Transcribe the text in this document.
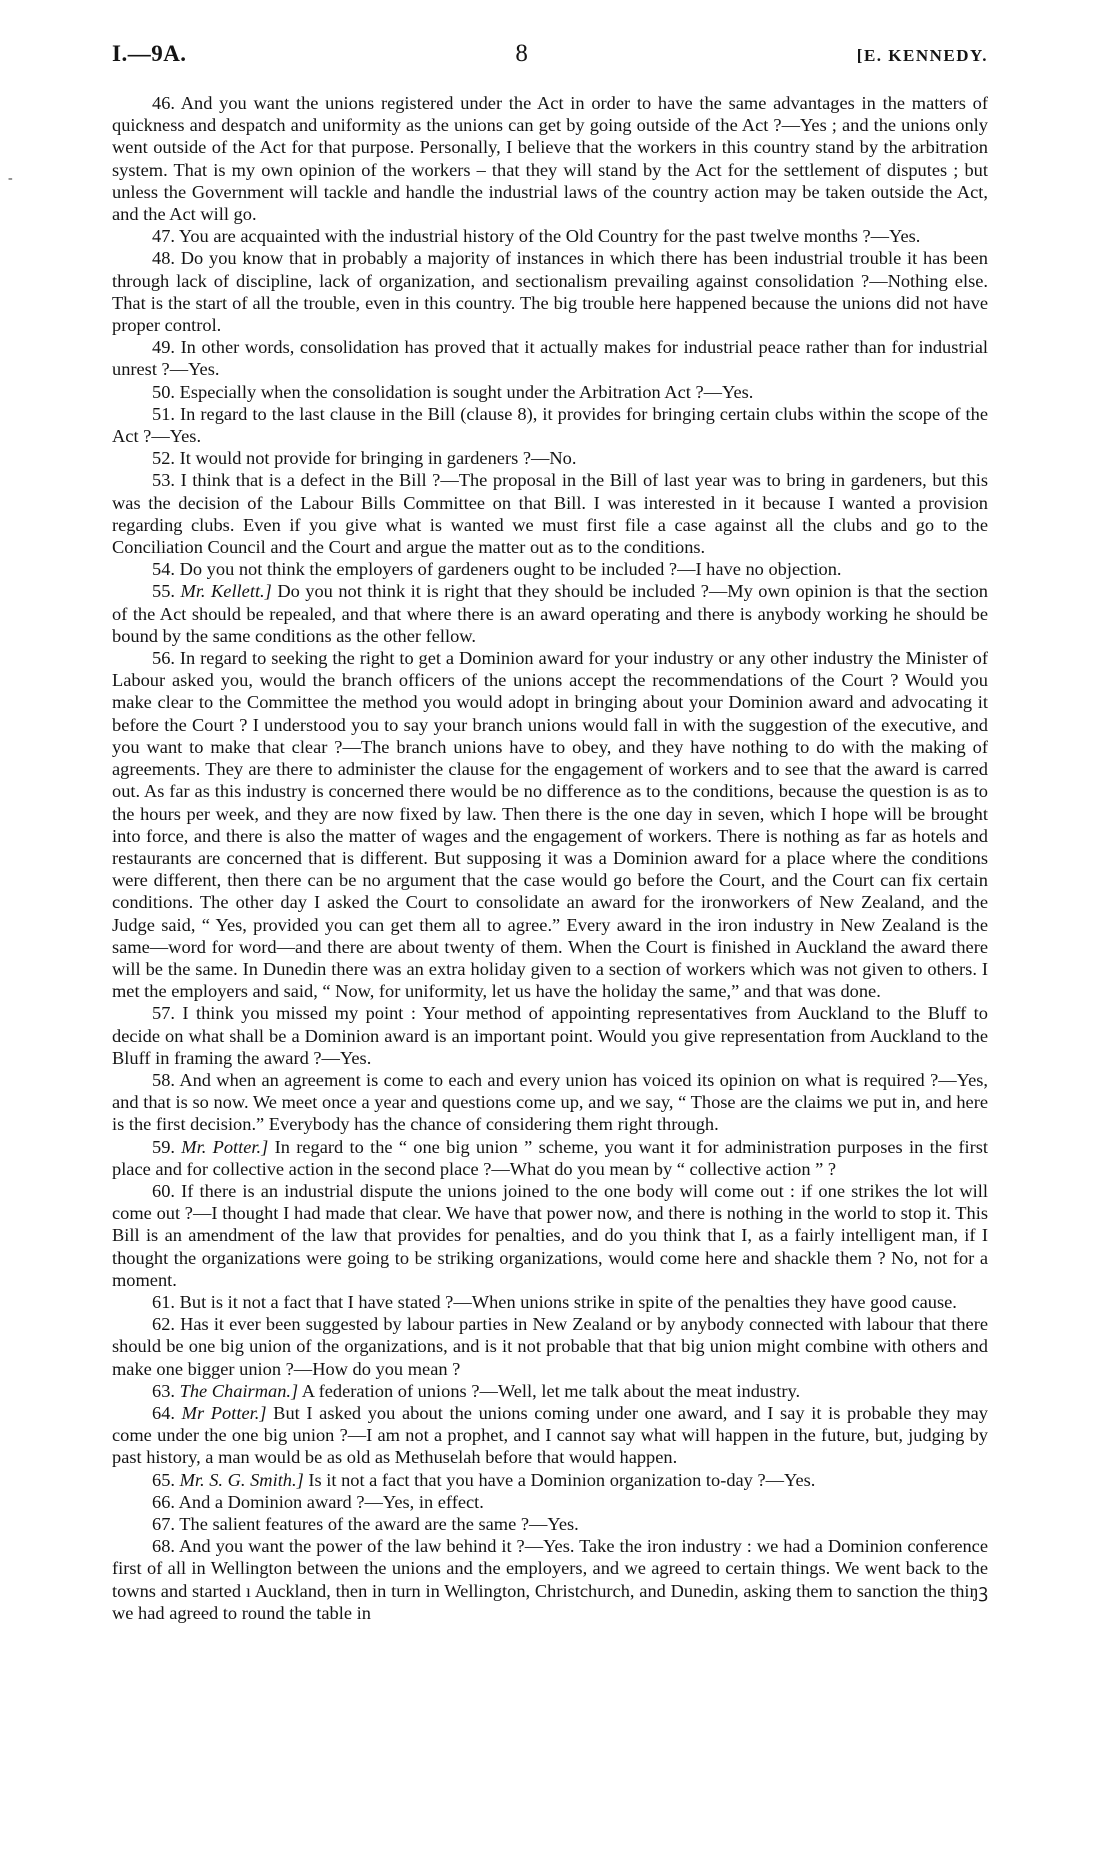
-
I.—9A.	8	[E. KENNEDY.

46. And you want the unions registered under the Act in order to have the same advantages in the matters of quickness and despatch and uniformity as the unions can get by going outside of the Act ?—Yes ; and the unions only went outside of the Act for that purpose. Personally, I believe that the workers in this country stand by the arbitration system. That is my own opinion of the workers – that they will stand by the Act for the settlement of disputes ; but unless the Government will tackle and handle the industrial laws of the country action may be taken outside the Act, and the Act will go.

47. You are acquainted with the industrial history of the Old Country for the past twelve months ?—Yes.

48. Do you know that in probably a majority of instances in which there has been industrial trouble it has been through lack of discipline, lack of organization, and sectionalism prevailing against consolidation ?—Nothing else. That is the start of all the trouble, even in this country. The big trouble here happened because the unions did not have proper control.

49. In other words, consolidation has proved that it actually makes for industrial peace rather than for industrial unrest ?—Yes.

50. Especially when the consolidation is sought under the Arbitration Act ?—Yes.

51. In regard to the last clause in the Bill (clause 8), it provides for bringing certain clubs within the scope of the Act ?—Yes.

52. It would not provide for bringing in gardeners ?—No.

53. I think that is a defect in the Bill ?—The proposal in the Bill of last year was to bring in gardeners, but this was the decision of the Labour Bills Committee on that Bill. I was interested in it because I wanted a provision regarding clubs. Even if you give what is wanted we must first file a case against all the clubs and go to the Conciliation Council and the Court and argue the matter out as to the conditions.

54. Do you not think the employers of gardeners ought to be included ?—I have no objection.

55. Mr. Kellett.] Do you not think it is right that they should be included ?—My own opinion is that the section of the Act should be repealed, and that where there is an award operating and there is anybody working he should be bound by the same conditions as the other fellow.

56. In regard to seeking the right to get a Dominion award for your industry or any other industry the Minister of Labour asked you, would the branch officers of the unions accept the recommendations of the Court ? Would you make clear to the Committee the method you would adopt in bringing about your Dominion award and advocating it before the Court ? I understood you to say your branch unions would fall in with the suggestion of the executive, and you want to make that clear ?—The branch unions have to obey, and they have nothing to do with the making of agreements. They are there to administer the clause for the engagement of workers and to see that the award is carred out. As far as this industry is concerned there would be no difference as to the conditions, because the question is as to the hours per week, and they are now fixed by law. Then there is the one day in seven, which I hope will be brought into force, and there is also the matter of wages and the engagement of workers. There is nothing as far as hotels and restaurants are concerned that is different. But supposing it was a Dominion award for a place where the conditions were different, then there can be no argument that the case would go before the Court, and the Court can fix certain conditions. The other day I asked the Court to consolidate an award for the ironworkers of New Zealand, and the Judge said, “ Yes, provided you can get them all to agree.” Every award in the iron industry in New Zealand is the same—word for word—and there are about twenty of them. When the Court is finished in Auckland the award there will be the same. In Dunedin there was an extra holiday given to a section of workers which was not given to others. I met the employers and said, “ Now, for uniformity, let us have the holiday the same,” and that was done.

57. I think you missed my point : Your method of appointing representatives from Auckland to the Bluff to decide on what shall be a Dominion award is an important point. Would you give representation from Auckland to the Bluff in framing the award ?—Yes.

58. And when an agreement is come to each and every union has voiced its opinion on what is required ?—Yes, and that is so now. We meet once a year and questions come up, and we say, “ Those are the claims we put in, and here is the first decision.” Everybody has the chance of considering them right through.

59. Mr. Potter.] In regard to the “ one big union ” scheme, you want it for administration purposes in the first place and for collective action in the second place ?—What do you mean by “ collective action ” ?

60. If there is an industrial dispute the unions joined to the one body will come out : if one strikes the lot will come out ?—I thought I had made that clear. We have that power now, and there is nothing in the world to stop it. This Bill is an amendment of the law that provides for penalties, and do you think that I, as a fairly intelligent man, if I thought the organizations were going to be striking organizations, would come here and shackle them ? No, not for a moment.

61. But is it not a fact that I have stated ?—When unions strike in spite of the penalties they have good cause.

62. Has it ever been suggested by labour parties in New Zealand or by anybody connected with labour that there should be one big union of the organizations, and is it not probable that that big union might combine with others and make one bigger union ?—How do you mean ?

63. The Chairman.] A federation of unions ?—Well, let me talk about the meat industry.

64. Mr Potter.] But I asked you about the unions coming under one award, and I say it is probable they may come under the one big union ?—I am not a prophet, and I cannot say what will happen in the future, but, judging by past history, a man would be as old as Methuselah before that would happen.

65. Mr. S. G. Smith.] Is it not a fact that you have a Dominion organization to-day ?—Yes.

66. And a Dominion award ?—Yes, in effect.

67. The salient features of the award are the same ?—Yes.

68. And you want the power of the law behind it ?—Yes. Take the iron industry : we had a Dominion conference first of all in Wellington between the unions and the employers, and we agreed to certain things. We went back to the towns and started ı Auckland, then in turn in Wellington, Christchurch, and Dunedin, asking them to sanction the thiŋꝫ we had agreed to round the table in
